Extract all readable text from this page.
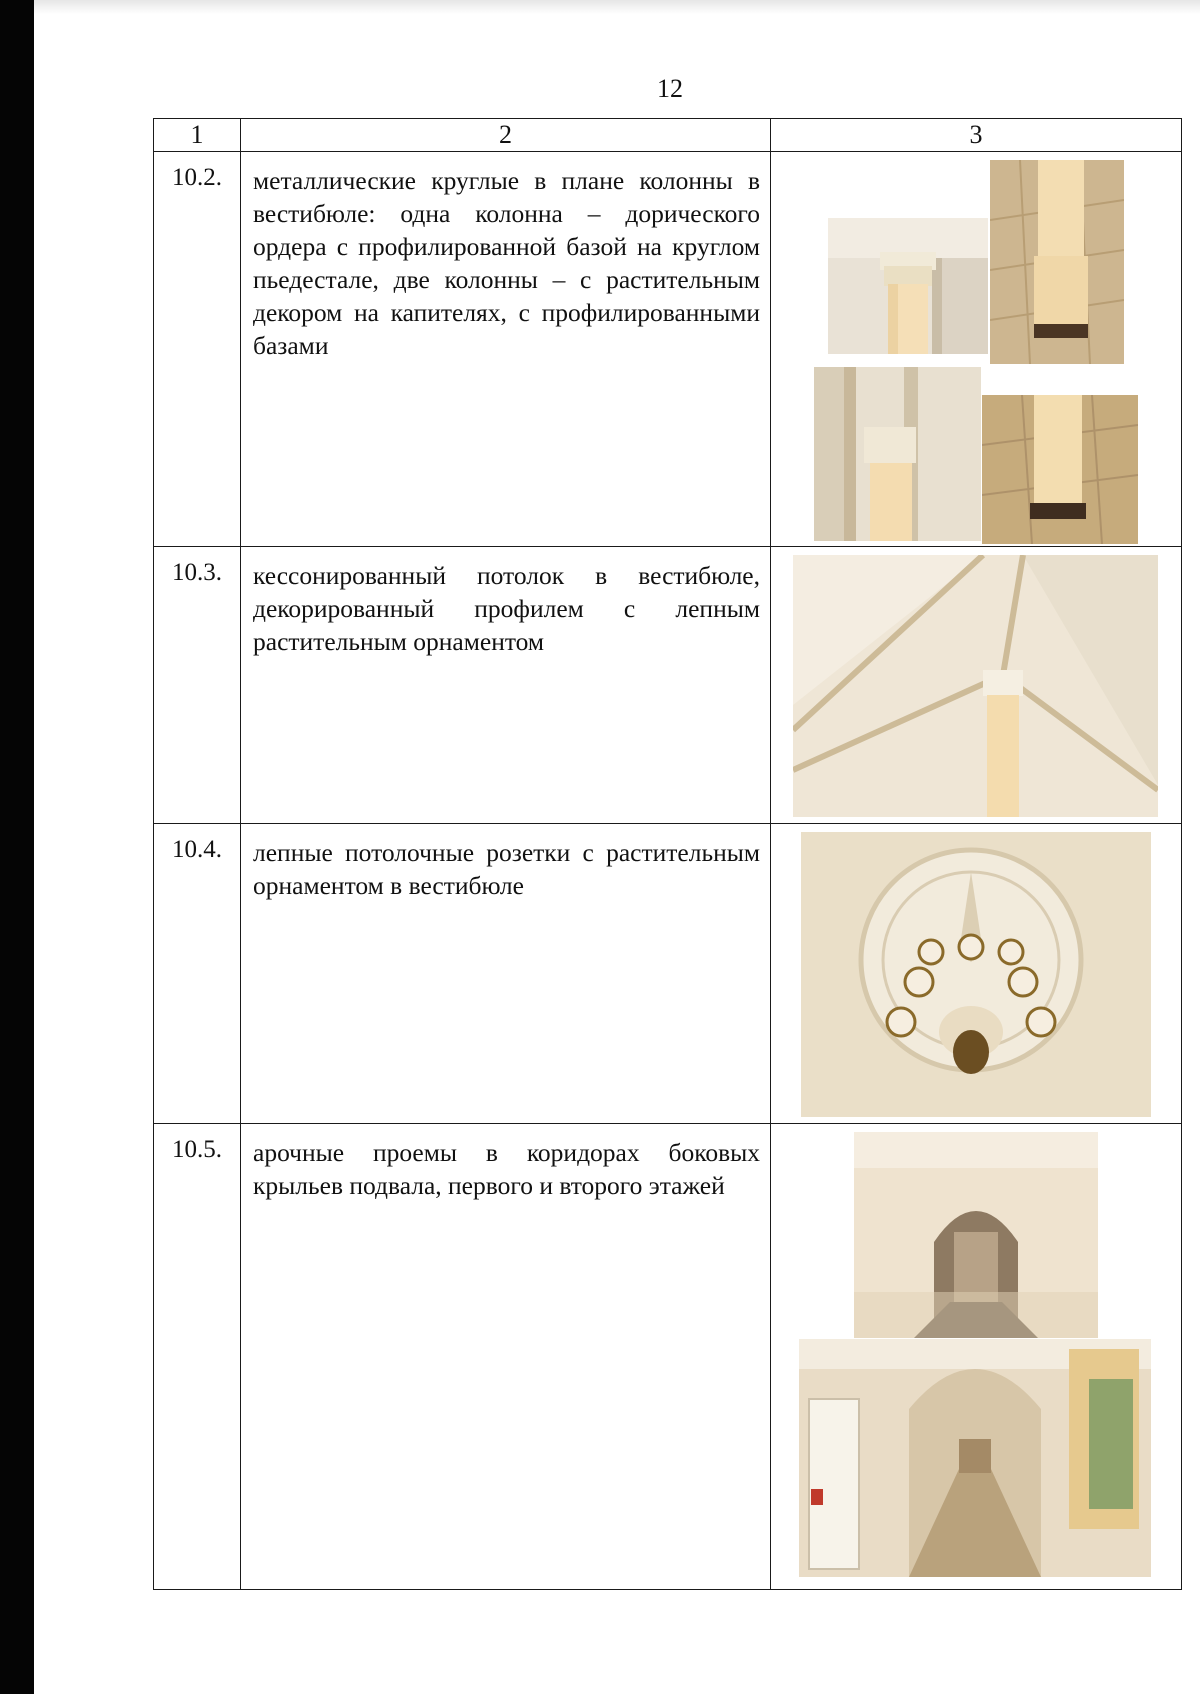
12
1	2	3
10.2.	металлические круглые в плане колонны в вестибюле: одна колонна – дорического ордера с профилированной базой на круглом пьедестале, две колонны – с растительным декором на капителях, с профилированными базами	

10.3.	кессонированный потолок в вестибюле, декорированный профилем с лепным растительным орнаментом	

10.4.	лепные потолочные розетки с растительным орнаментом в вестибюле	

10.5.	арочные проемы в коридорах боковых крыльев подвала, первого и второго этажей	
